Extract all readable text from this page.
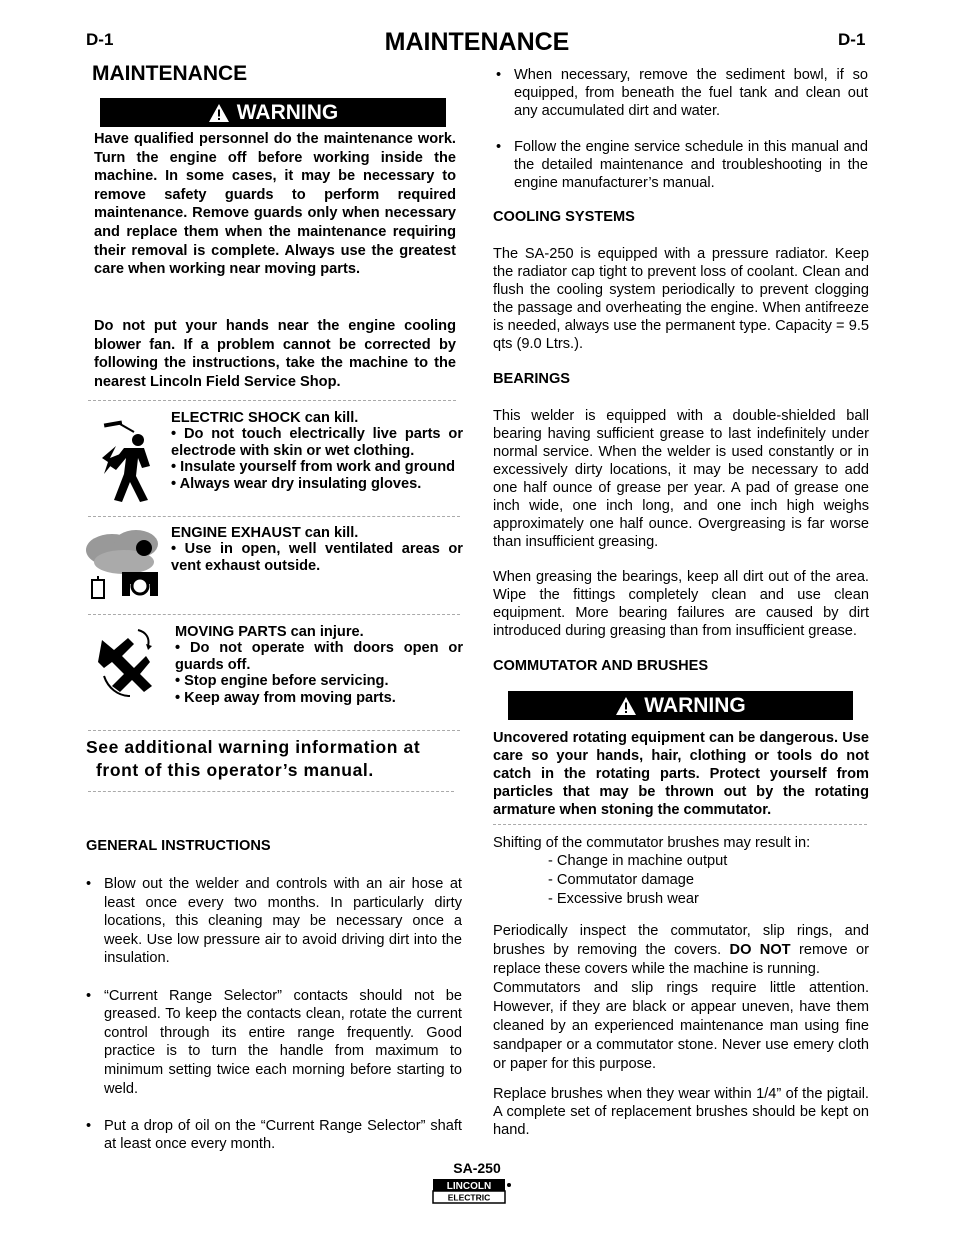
D-1	MAINTENANCE	D-1
MAINTENANCE
WARNING
Have qualified personnel do the maintenance work. Turn the engine off before working inside the machine. In some cases, it may be necessary to remove safety guards to perform required maintenance. Remove guards only when necessary and replace them when the maintenance requiring their removal is complete. Always use the greatest care when working near moving parts.
Do not put your hands near the engine cooling blower fan. If a problem cannot be corrected by following the instructions, take the machine to the nearest Lincoln Field Service Shop.
ELECTRIC SHOCK can kill.
• Do not touch electrically live parts or electrode with skin or wet clothing.
• Insulate yourself from work and ground
• Always wear dry insulating gloves.
ENGINE EXHAUST can kill.
• Use in open, well ventilated areas or vent exhaust outside.
MOVING PARTS can injure.
• Do not operate with doors open or guards off.
• Stop engine before servicing.
• Keep away from moving parts.
See additional warning information at
front of this operator’s manual.
GENERAL INSTRUCTIONS
• Blow out the welder and controls with an air hose at least once every two months. In particularly dirty locations, this cleaning may be necessary once a week. Use low pressure air to avoid driving dirt into the insulation.
• “Current Range Selector” contacts should not be greased. To keep the contacts clean, rotate the current control through its entire range frequently. Good practice is to turn the handle from maximum to minimum setting twice each morning before starting to weld.
• Put a drop of oil on the “Current Range Selector” shaft at least once every month.
• When necessary, remove the sediment bowl, if so equipped, from beneath the fuel tank and clean out any accumulated dirt and water.
• Follow the engine service schedule in this manual and the detailed maintenance and troubleshooting in the engine manufacturer’s manual.
COOLING SYSTEMS
The SA-250 is equipped with a pressure radiator. Keep the radiator cap tight to prevent loss of coolant. Clean and flush the cooling system periodically to prevent clogging the passage and overheating the engine. When antifreeze is needed, always use the permanent type. Capacity = 9.5 qts (9.0 Ltrs.).
BEARINGS
This welder is equipped with a double-shielded ball bearing having sufficient grease to last indefinitely under normal service. When the welder is used constantly or in excessively dirty locations, it may be necessary to add one half ounce of grease per year. A pad of grease one inch wide, one inch long, and one inch high weighs approximately one half ounce. Overgreasing is far worse than insufficient greasing.
When greasing the bearings, keep all dirt out of the area. Wipe the fittings completely clean and use clean equipment. More bearing failures are caused by dirt introduced during greasing than from insufficient grease.
COMMUTATOR AND BRUSHES
WARNING
Uncovered rotating equipment can be dangerous. Use care so your hands, hair, clothing or tools do not catch in the rotating parts. Protect yourself from particles that may be thrown out by the rotating armature when stoning the commutator.
Shifting of the commutator brushes may result in:
- Change in machine output
- Commutator damage
- Excessive brush wear
Periodically inspect the commutator, slip rings, and brushes by removing the covers. DO NOT remove or replace these covers while the machine is running.
Commutators and slip rings require little attention. However, if they are black or appear uneven, have them cleaned by an experienced maintenance man using fine sandpaper or a commutator stone. Never use emery cloth or paper for this purpose.
Replace brushes when they wear within 1/4” of the pigtail. A complete set of replacement brushes should be kept on hand.
SA-250
LINCOLN
ELECTRIC
